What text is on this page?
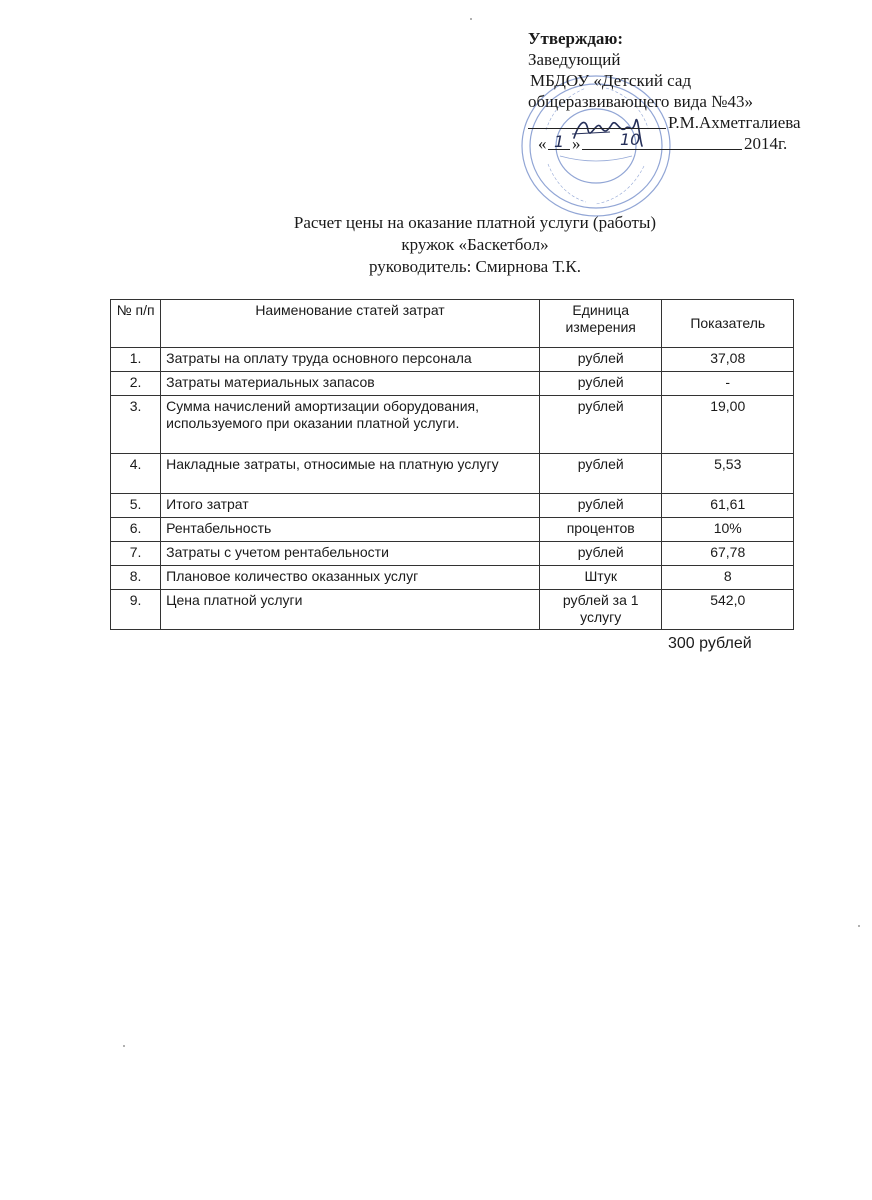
Утверждаю:
Заведующий
МБДОУ «Детский сад
общеразвивающего вида №43»
Р.М.Ахметгалиева
« 1 » 10	2014г.
Расчет цены на оказание платной услуги (работы)
кружок «Баскетбол»
руководитель: Смирнова Т.К.
№ п/п	Наименование статей затрат	Единица измерения	Показатель
1.	Затраты на оплату труда основного персонала	рублей	37,08
2.	Затраты материальных запасов	рублей	-
3.	Сумма начислений амортизации оборудования, используемого при оказании платной услуги.	рублей	19,00
4.	Накладные затраты, относимые на платную услугу	рублей	5,53
5.	Итого затрат	рублей	61,61
6.	Рентабельность	процентов	10%
7.	Затраты с учетом рентабельности	рублей	67,78
8.	Плановое количество оказанных услуг	Штук	8
9.	Цена платной услуги	рублей за 1 услугу	542,0
300 рублей
